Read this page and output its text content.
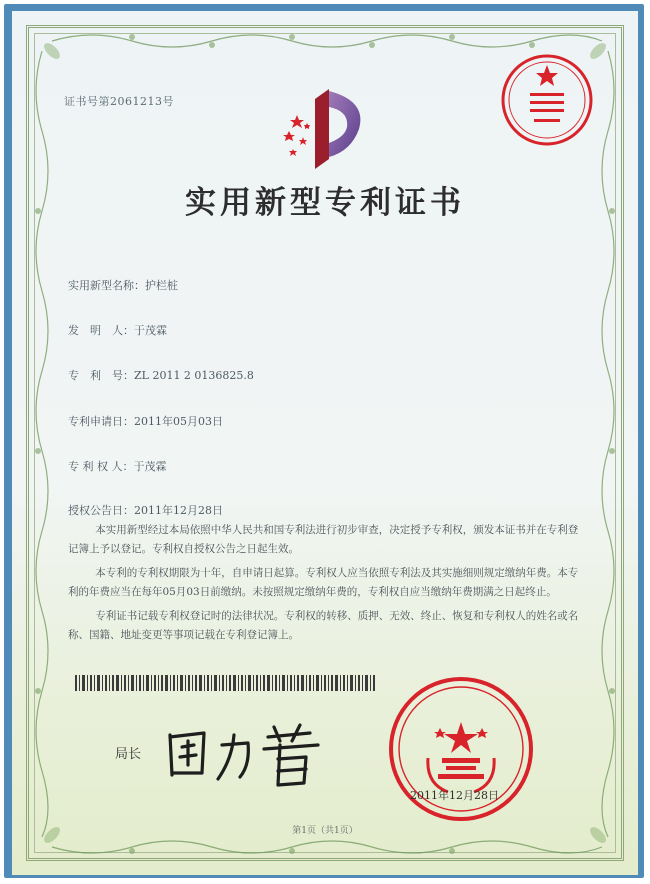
证书号第2061213号
实用新型专利证书
实用新型名称：护栏桩
发　明　人：于茂霖
专　利　号：ZL 2011 2 0136825.8
专利申请日：2011年05月03日
专 利 权 人：于茂霖
授权公告日：2011年12月28日

本实用新型经过本局依照中华人民共和国专利法进行初步审查，决定授予专利权，颁发本证书并在专利登记簿上予以登记。专利权自授权公告之日起生效。

本专利的专利权期限为十年，自申请日起算。专利权人应当依照专利法及其实施细则规定缴纳年费。本专利的年费应当在每年05月03日前缴纳。未按照规定缴纳年费的，专利权自应当缴纳年费期满之日起终止。

专利证书记载专利权登记时的法律状况。专利权的转移、质押、无效、终止、恢复和专利权人的姓名或名称、国籍、地址变更等事项记载在专利登记簿上。

局长
2011年12月28日
第1页（共1页）
